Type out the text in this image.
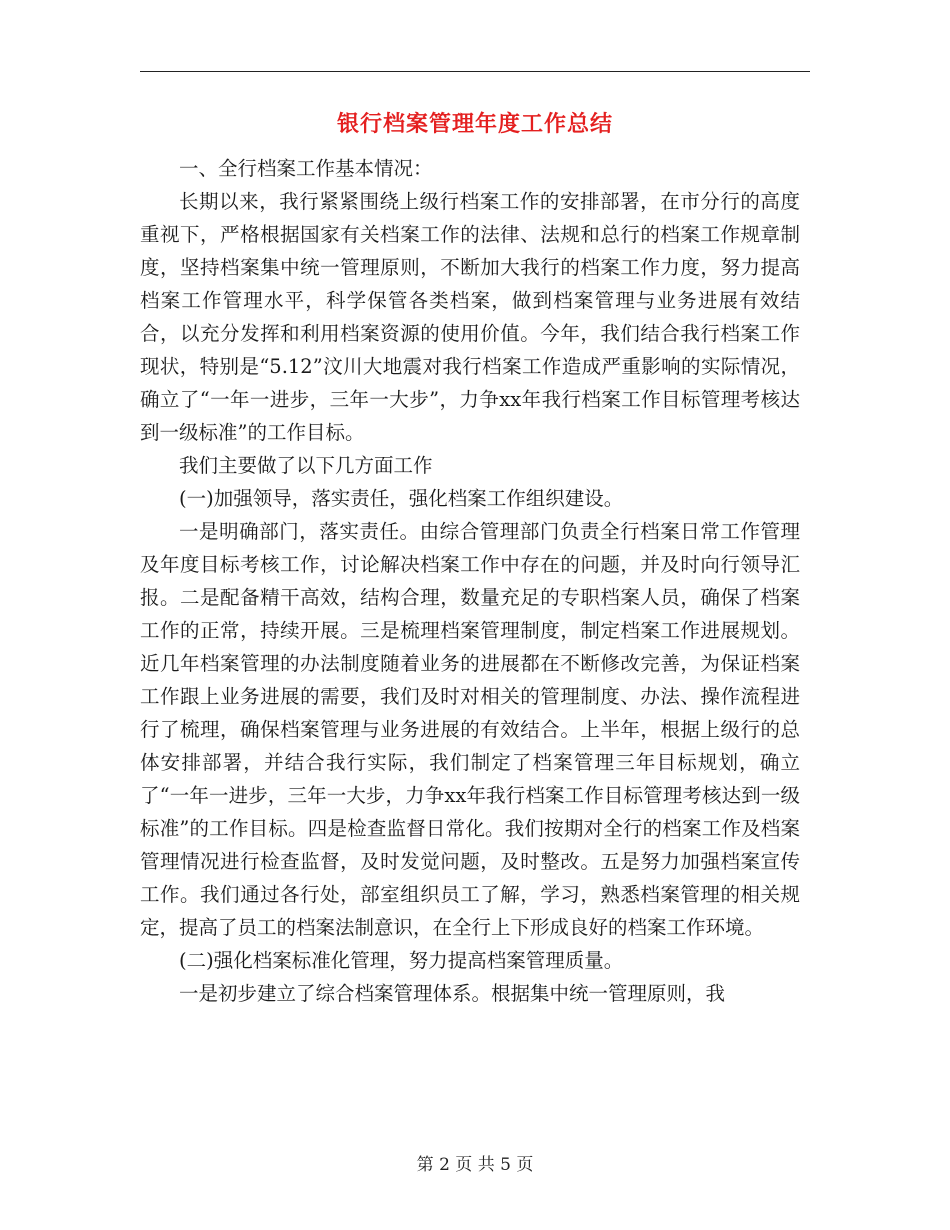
银行档案管理年度工作总结

一、全行档案工作基本情况：

长期以来，我行紧紧围绕上级行档案工作的安排部署，在市分行的高度重视下，严格根据国家有关档案工作的法律、法规和总行的档案工作规章制度，坚持档案集中统一管理原则，不断加大我行的档案工作力度，努力提高档案工作管理水平，科学保管各类档案，做到档案管理与业务进展有效结合，以充分发挥和利用档案资源的使用价值。今年，我们结合我行档案工作现状，特别是“5.12”汶川大地震对我行档案工作造成严重影响的实际情况，确立了“一年一进步，三年一大步”，力争xx年我行档案工作目标管理考核达到一级标准”的工作目标。

我们主要做了以下几方面工作

(一)加强领导，落实责任，强化档案工作组织建设。

一是明确部门，落实责任。由综合管理部门负责全行档案日常工作管理及年度目标考核工作，讨论解决档案工作中存在的问题，并及时向行领导汇报。二是配备精干高效，结构合理，数量充足的专职档案人员，确保了档案工作的正常，持续开展。三是梳理档案管理制度，制定档案工作进展规划。近几年档案管理的办法制度随着业务的进展都在不断修改完善，为保证档案工作跟上业务进展的需要，我们及时对相关的管理制度、办法、操作流程进行了梳理，确保档案管理与业务进展的有效结合。上半年，根据上级行的总体安排部署，并结合我行实际，我们制定了档案管理三年目标规划，确立了“一年一进步，三年一大步，力争xx年我行档案工作目标管理考核达到一级标准”的工作目标。四是检查监督日常化。我们按期对全行的档案工作及档案管理情况进行检查监督，及时发觉问题，及时整改。五是努力加强档案宣传工作。我们通过各行处，部室组织员工了解，学习，熟悉档案管理的相关规定，提高了员工的档案法制意识，在全行上下形成良好的档案工作环境。

(二)强化档案标准化管理，努力提高档案管理质量。

一是初步建立了综合档案管理体系。根据集中统一管理原则，我

第 2 页 共 5 页
